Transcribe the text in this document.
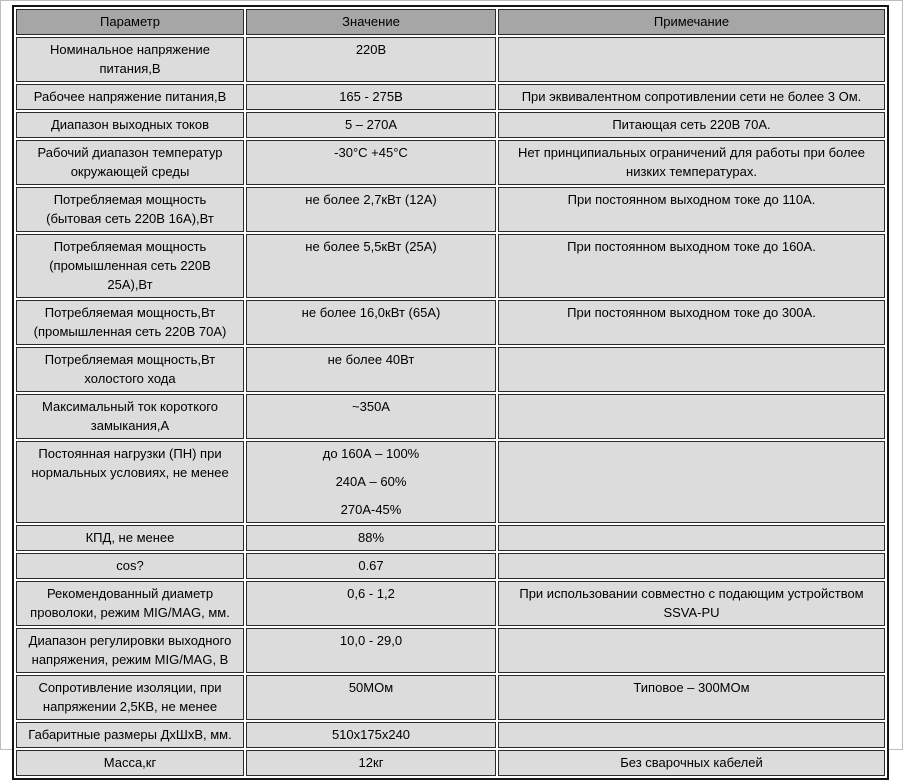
Параметр	Значение	Примечание
Номинальное напряжение питания,В	220В	
Рабочее напряжение питания,В	165 - 275В	При эквивалентном сопротивлении сети не более 3 Ом.
Диапазон выходных токов	5 – 270А	Питающая сеть 220В 70А.
Рабочий диапазон температур окружающей среды	-30°С +45°С	Нет принципиальных ограничений для работы при более низких температурах.
Потребляемая мощность (бытовая сеть 220В 16А),Вт	не более 2,7кВт (12А)	При постоянном выходном токе до 110А.
Потребляемая мощность (промышленная сеть 220В 25А),Вт	не более 5,5кВт (25А)	При постоянном выходном токе до 160А.
Потребляемая мощность,Вт (промышленная сеть 220В 70А)	не более 16,0кВт (65А)	При постоянном выходном токе до 300А.
Потребляемая мощность,Вт холостого хода	не более 40Вт	
Максимальный ток короткого замыкания,А	~350А	
Постоянная нагрузки (ПН) при нормальных условиях, не менее	до 160А – 100%
240А – 60%
270А-45%	

КПД, не менее	88%	
cos?	0.67	
Рекомендованный диаметр проволоки, режим MIG/MAG, мм.	0,6 - 1,2	При использовании совместно с подающим устройством SSVA-PU
Диапазон регулировки выходного напряжения, режим MIG/MAG, В	10,0 - 29,0	
Сопротивление изоляции, при напряжении 2,5КВ, не менее	50МОм	Типовое – 300МОм
Габаритные размеры ДхШхВ, мм.	510х175х240	
Масса,кг	12кг	Без сварочных кабелей
